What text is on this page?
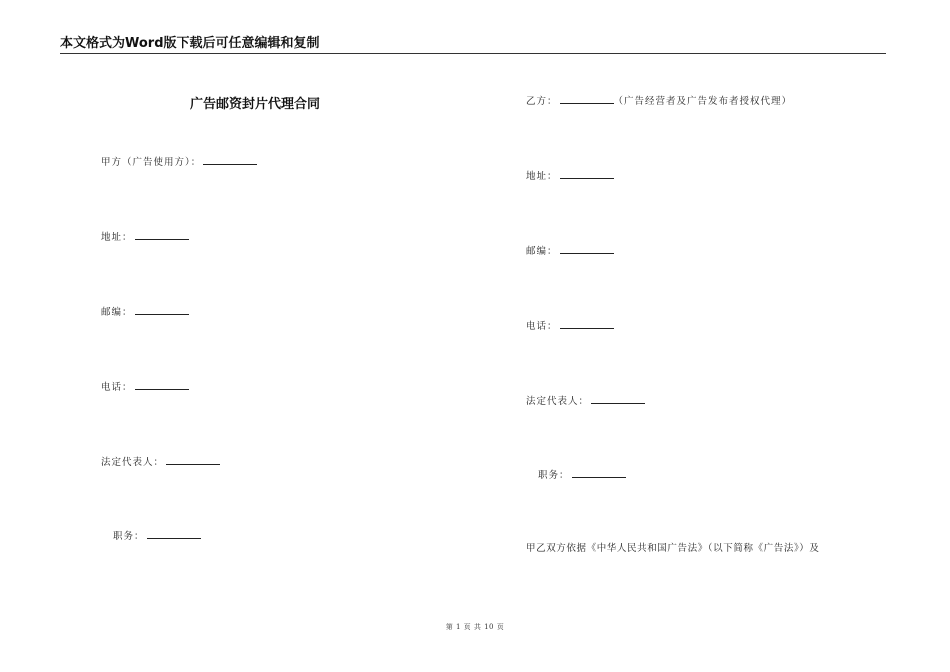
本文格式为Word版下载后可任意编辑和复制
广告邮资封片代理合同
甲方（广告使用方）：
地址：
邮编：
电话：
法定代表人：
职务：
乙方：	（广告经营者及广告发布者授权代理）
地址：
邮编：
电话：
法定代表人：
职务：
甲乙双方依据《中华人民共和国广告法》（以下简称《广告法》）及
第 1 页 共 10 页
